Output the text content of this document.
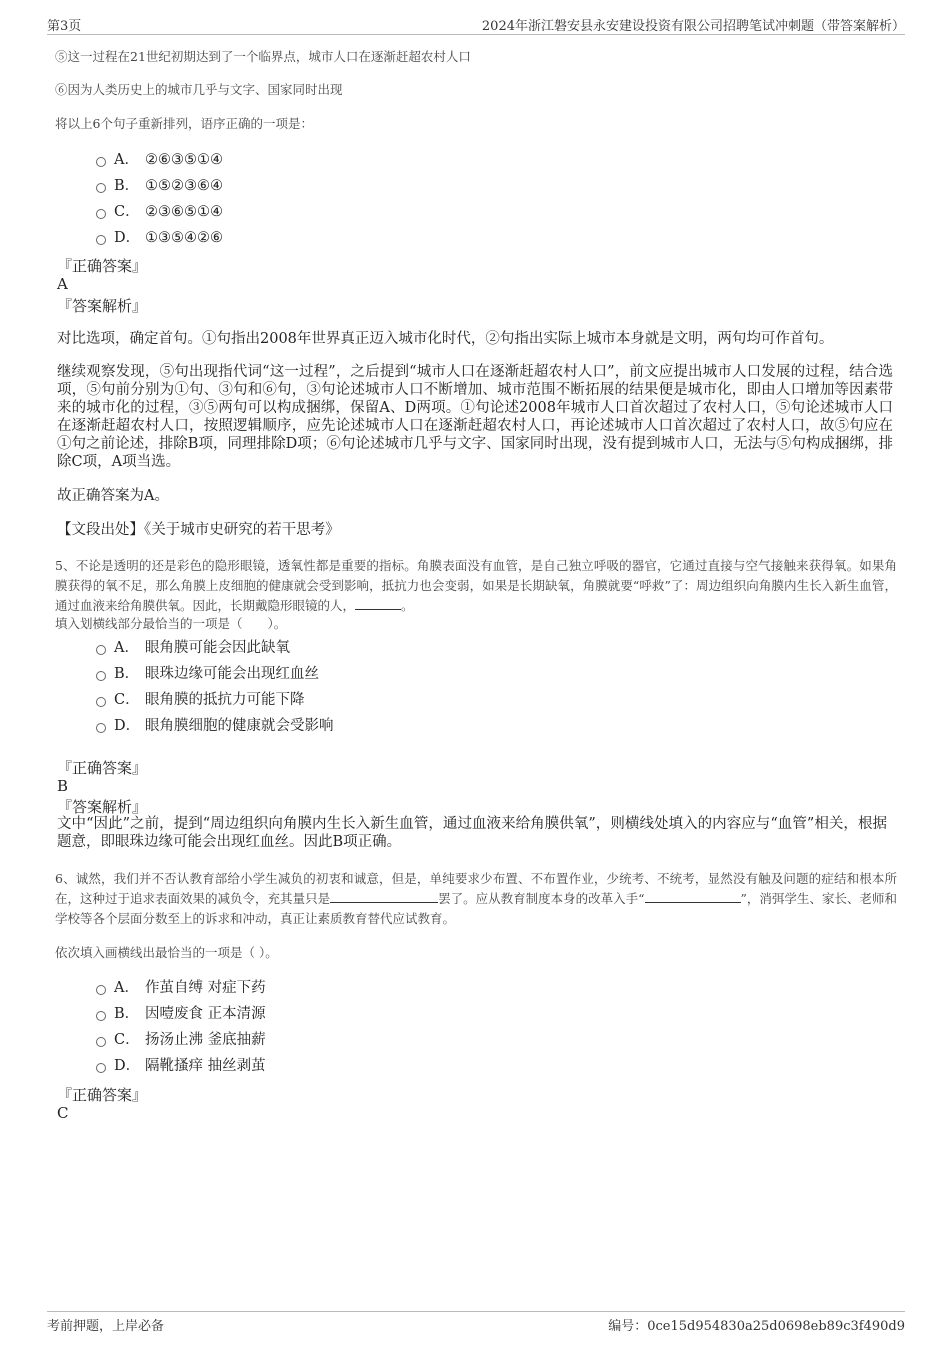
第3页	2024年浙江磐安县永安建设投资有限公司招聘笔试冲刺题（带答案解析）
⑤这一过程在21世纪初期达到了一个临界点，城市人口在逐渐赶超农村人口
⑥因为人类历史上的城市几乎与文字、国家同时出现
将以上6个句子重新排列，语序正确的一项是：
A． ②⑥③⑤①④
B． ①⑤②③⑥④
C． ②③⑥⑤①④
D． ①③⑤④②⑥
『正确答案』
A
『答案解析』
对比选项，确定首句。①句指出2008年世界真正迈入城市化时代，②句指出实际上城市本身就是文明，两句均可作首句。
继续观察发现，⑤句出现指代词“这一过程”，之后提到“城市人口在逐渐赶超农村人口”，前文应提出城市人口发展的过程，结合选项，⑤句前分别为①句、③句和⑥句，③句论述城市人口不断增加、城市范围不断拓展的结果便是城市化，即由人口增加等因素带来的城市化的过程，③⑤两句可以构成捆绑，保留A、D两项。①句论述2008年城市人口首次超过了农村人口，⑤句论述城市人口在逐渐赶超农村人口，按照逻辑顺序，应先论述城市人口在逐渐赶超农村人口，再论述城市人口首次超过了农村人口，故⑤句应在①句之前论述，排除B项，同理排除D项；⑥句论述城市几乎与文字、国家同时出现，没有提到城市人口，无法与⑤句构成捆绑，排除C项，A项当选。
故正确答案为A。
【文段出处】《关于城市史研究的若干思考》
5、不论是透明的还是彩色的隐形眼镜，透氧性都是重要的指标。角膜表面没有血管，是自己独立呼吸的器官，它通过直接与空气接触来获得氧。如果角膜获得的氧不足，那么角膜上皮细胞的健康就会受到影响，抵抗力也会变弱，如果是长期缺氧，角膜就要“呼救”了：周边组织向角膜内生长入新生血管，通过血液来给角膜供氧。因此，长期戴隐形眼镜的人，	。
填入划横线部分最恰当的一项是（　　）。
A． 眼角膜可能会因此缺氧
B． 眼珠边缘可能会出现红血丝
C． 眼角膜的抵抗力可能下降
D． 眼角膜细胞的健康就会受影响
『正确答案』
B
『答案解析』
文中“因此”之前，提到“周边组织向角膜内生长入新生血管，通过血液来给角膜供氧”，则横线处填入的内容应与“血管”相关，根据题意，即眼珠边缘可能会出现红血丝。因此B项正确。
6、诚然，我们并不否认教育部给小学生减负的初衷和诚意，但是，单纯要求少布置、不布置作业，少统考、不统考，显然没有触及问题的症结和根本所在，这种过于追求表面效果的减负令，充其量只是	罢了。应从教育制度本身的改革入手“	”，消弭学生、家长、老师和学校等各个层面分数至上的诉求和冲动，真正让素质教育替代应试教育。
依次填入画横线出最恰当的一项是（ ）。
A． 作茧自缚 对症下药
B． 因噎废食 正本清源
C． 扬汤止沸 釜底抽薪
D． 隔靴搔痒 抽丝剥茧
『正确答案』
C
考前押题，上岸必备	编号：0ce15d954830a25d0698eb89c3f490d9
